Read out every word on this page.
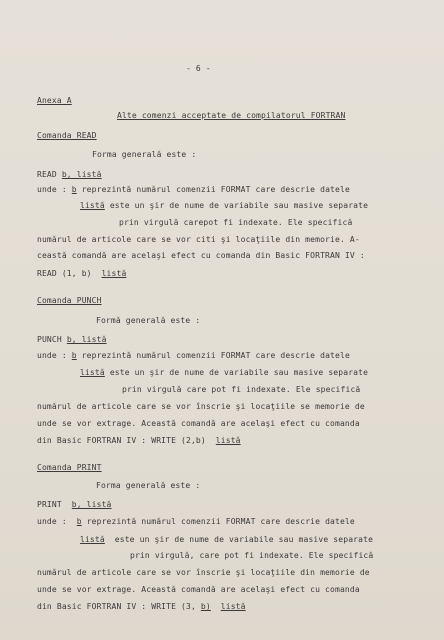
- 6 -
Anexa A
Alte comenzi acceptate de compilatorul FORTRAN
Comanda READ
Forma generală este :
READ b, listă
unde : b reprezintă numărul comenzii FORMAT care descrie datele
listă este un şir de nume de variabile sau masive separate
prin virgulă carepot fi indexate. Ele specifică
numărul de articole care se vor citi şi locaţiile din memorie. A-
ceastă comandă are acelaşi efect cu comanda din Basic FORTRAN IV :
READ (1, b) listă
Comanda PUNCH
Formă generală este :
PUNCH b, listă
unde : b reprezintă numărul comenzii FORMAT care descrie datele
listă este un şir de nume de variabile sau masive separate
prin virgulă care pot fi indexate. Ele specifică
numărul de articole care se vor înscrie şi locaţiile se memorie de
unde se vor extrage. Această comandă are acelaşi efect cu comanda
din Basic FORTRAN IV : WRITE (2,b) listă
Comanda PRINT
Forma generală este :
PRINT b, listă
unde : b reprezintă numărul comenzii FORMAT care descrie datele
listă este un şir de nume de variabile sau masive separate
prin virgulă, care pot fi indexate. Ele specifică
numărul de articole care se vor înscrie şi locaţiile din memorie de
unde se vor extrage. Această comandă are acelaşi efect cu comanda
din Basic FORTRAN IV : WRITE (3, b) listă
